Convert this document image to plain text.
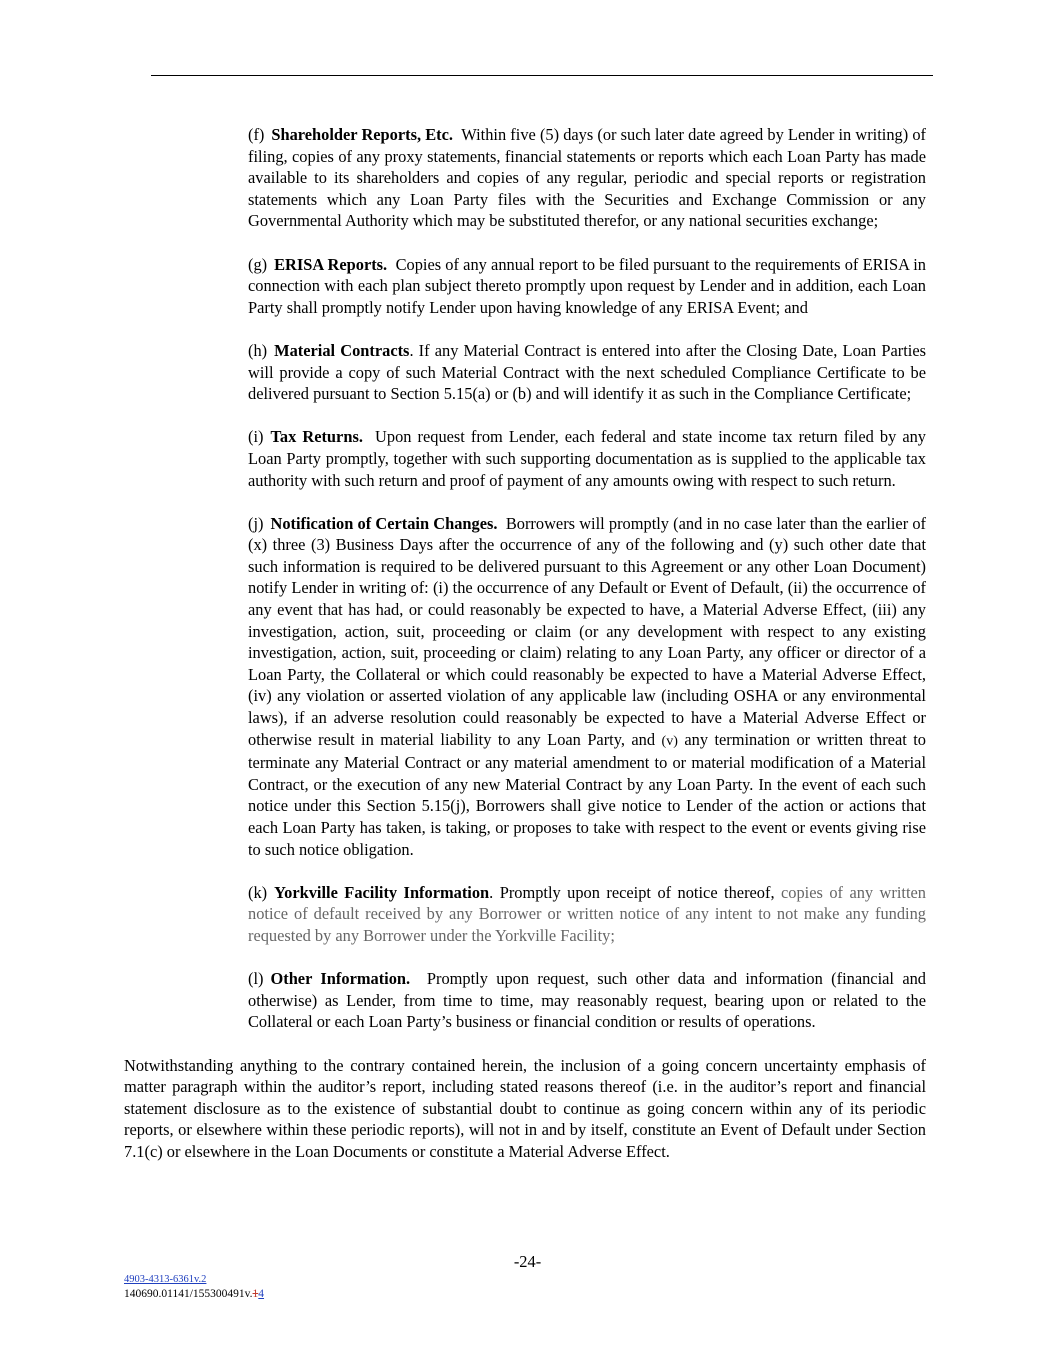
(f) Shareholder Reports, Etc. Within five (5) days (or such later date agreed by Lender in writing) of filing, copies of any proxy statements, financial statements or reports which each Loan Party has made available to its shareholders and copies of any regular, periodic and special reports or registration statements which any Loan Party files with the Securities and Exchange Commission or any Governmental Authority which may be substituted therefor, or any national securities exchange;

(g) ERISA Reports. Copies of any annual report to be filed pursuant to the requirements of ERISA in connection with each plan subject thereto promptly upon request by Lender and in addition, each Loan Party shall promptly notify Lender upon having knowledge of any ERISA Event; and

(h) Material Contracts. If any Material Contract is entered into after the Closing Date, Loan Parties will provide a copy of such Material Contract with the next scheduled Compliance Certificate to be delivered pursuant to Section 5.15(a) or (b) and will identify it as such in the Compliance Certificate;

(i) Tax Returns. Upon request from Lender, each federal and state income tax return filed by any Loan Party promptly, together with such supporting documentation as is supplied to the applicable tax authority with such return and proof of payment of any amounts owing with respect to such return.

(j) Notification of Certain Changes. Borrowers will promptly (and in no case later than the earlier of (x) three (3) Business Days after the occurrence of any of the following and (y) such other date that such information is required to be delivered pursuant to this Agreement or any other Loan Document) notify Lender in writing of: (i) the occurrence of any Default or Event of Default, (ii) the occurrence of any event that has had, or could reasonably be expected to have, a Material Adverse Effect, (iii) any investigation, action, suit, proceeding or claim (or any development with respect to any existing investigation, action, suit, proceeding or claim) relating to any Loan Party, any officer or director of a Loan Party, the Collateral or which could reasonably be expected to have a Material Adverse Effect, (iv) any violation or asserted violation of any applicable law (including OSHA or any environmental laws), if an adverse resolution could reasonably be expected to have a Material Adverse Effect or otherwise result in material liability to any Loan Party, and (v) any termination or written threat to terminate any Material Contract or any material amendment to or material modification of a Material Contract, or the execution of any new Material Contract by any Loan Party. In the event of each such notice under this Section 5.15(j), Borrowers shall give notice to Lender of the action or actions that each Loan Party has taken, is taking, or proposes to take with respect to the event or events giving rise to such notice obligation.

(k) Yorkville Facility Information. Promptly upon receipt of notice thereof, copies of any written notice of default received by any Borrower or written notice of any intent to not make any funding requested by any Borrower under the Yorkville Facility;

(l) Other Information. Promptly upon request, such other data and information (financial and otherwise) as Lender, from time to time, may reasonably request, bearing upon or related to the Collateral or each Loan Party’s business or financial condition or results of operations.

Notwithstanding anything to the contrary contained herein, the inclusion of a going concern uncertainty emphasis of matter paragraph within the auditor’s report, including stated reasons thereof (i.e. in the auditor’s report and financial statement disclosure as to the existence of substantial doubt to continue as going concern within any of its periodic reports, or elsewhere within these periodic reports), will not in and by itself, constitute an Event of Default under Section 7.1(c) or elsewhere in the Loan Documents or constitute a Material Adverse Effect.

-24-
4903-4313-6361v.2
140690.01141/155300491v.14
